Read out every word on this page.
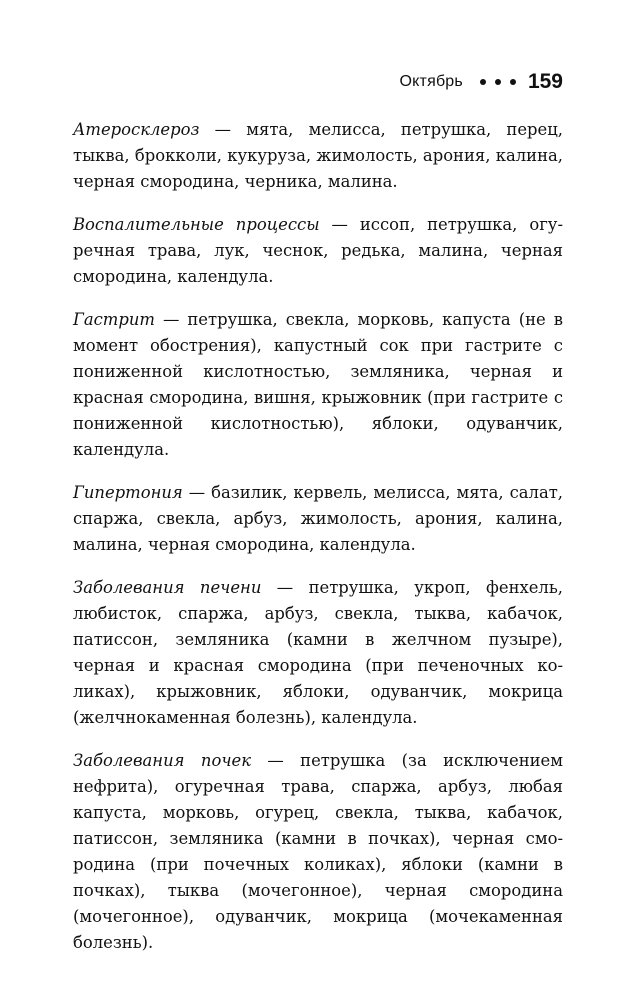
Октябрь	159

Атеросклероз — мята, мелисса, петрушка, перец, тыква, брокколи, кукуруза, жимолость, арония, калина, черная смородина, черника, малина.

Воспалительные процессы — иссоп, петрушка, огуречная трава, лук, чеснок, редька, малина, черная смородина, календула.

Гастрит — петрушка, свекла, морковь, капуста (не в момент обострения), капустный сок при гастрите с пониженной кислотностью, земляника, черная и красная смородина, вишня, крыжовник (при гастрите с пониженной кислотностью), яблоки, одуванчик, календула.

Гипертония — базилик, кервель, мелисса, мята, салат, спаржа, свекла, арбуз, жимолость, арония, калина, малина, черная смородина, календула.

Заболевания печени — петрушка, укроп, фенхель, любисток, спаржа, арбуз, свекла, тыква, кабачок, патиссон, земляника (камни в желчном пузыре), черная и красная смородина (при печеночных коликах), крыжовник, яблоки, одуванчик, мокрица (желчнокаменная болезнь), календула.

Заболевания почек — петрушка (за исключением нефрита), огуречная трава, спаржа, арбуз, любая капуста, морковь, огурец, свекла, тыква, кабачок, патиссон, земляника (камни в почках), черная смородина (при почечных коликах), яблоки (камни в почках), тыква (мочегонное), черная смородина (мочегонное), одуванчик, мокрица (мочекаменная болезнь).
